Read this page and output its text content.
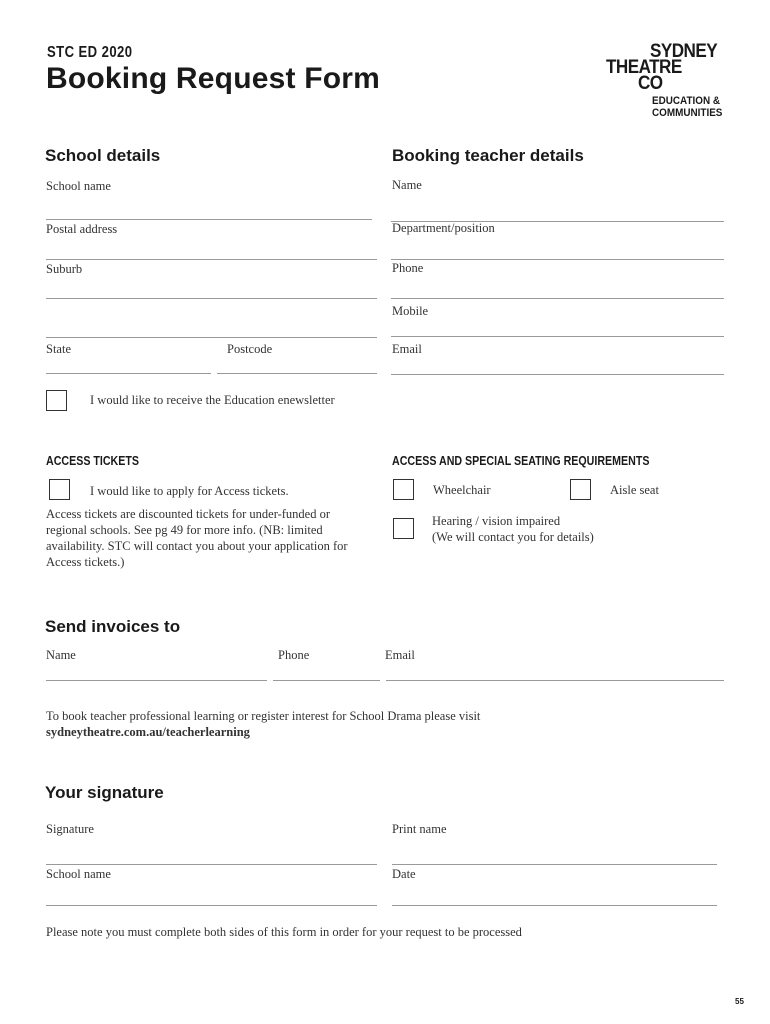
STC ED 2020
Booking Request Form
SYDNEY
THEATRE
CO
EDUCATION &
COMMUNITIES
School details
School name
Postal address
Suburb
State	Postcode
I would like to receive the Education enewsletter
Booking teacher details
Name
Department/position
Phone
Mobile
Email
ACCESS TICKETS
I would like to apply for Access tickets.
Access tickets are discounted tickets for under-funded or
regional schools. See pg 49 for more info. (NB: limited
availability. STC will contact you about your application for
Access tickets.)
ACCESS AND SPECIAL SEATING REQUIREMENTS
Wheelchair	Aisle seat
Hearing / vision impaired
(We will contact you for details)
Send invoices to
Name	Phone	Email
To book teacher professional learning or register interest for School Drama please visit
sydneytheatre.com.au/teacherlearning
Your signature
Signature	Print name
School name	Date
Please note you must complete both sides of this form in order for your request to be processed
55
